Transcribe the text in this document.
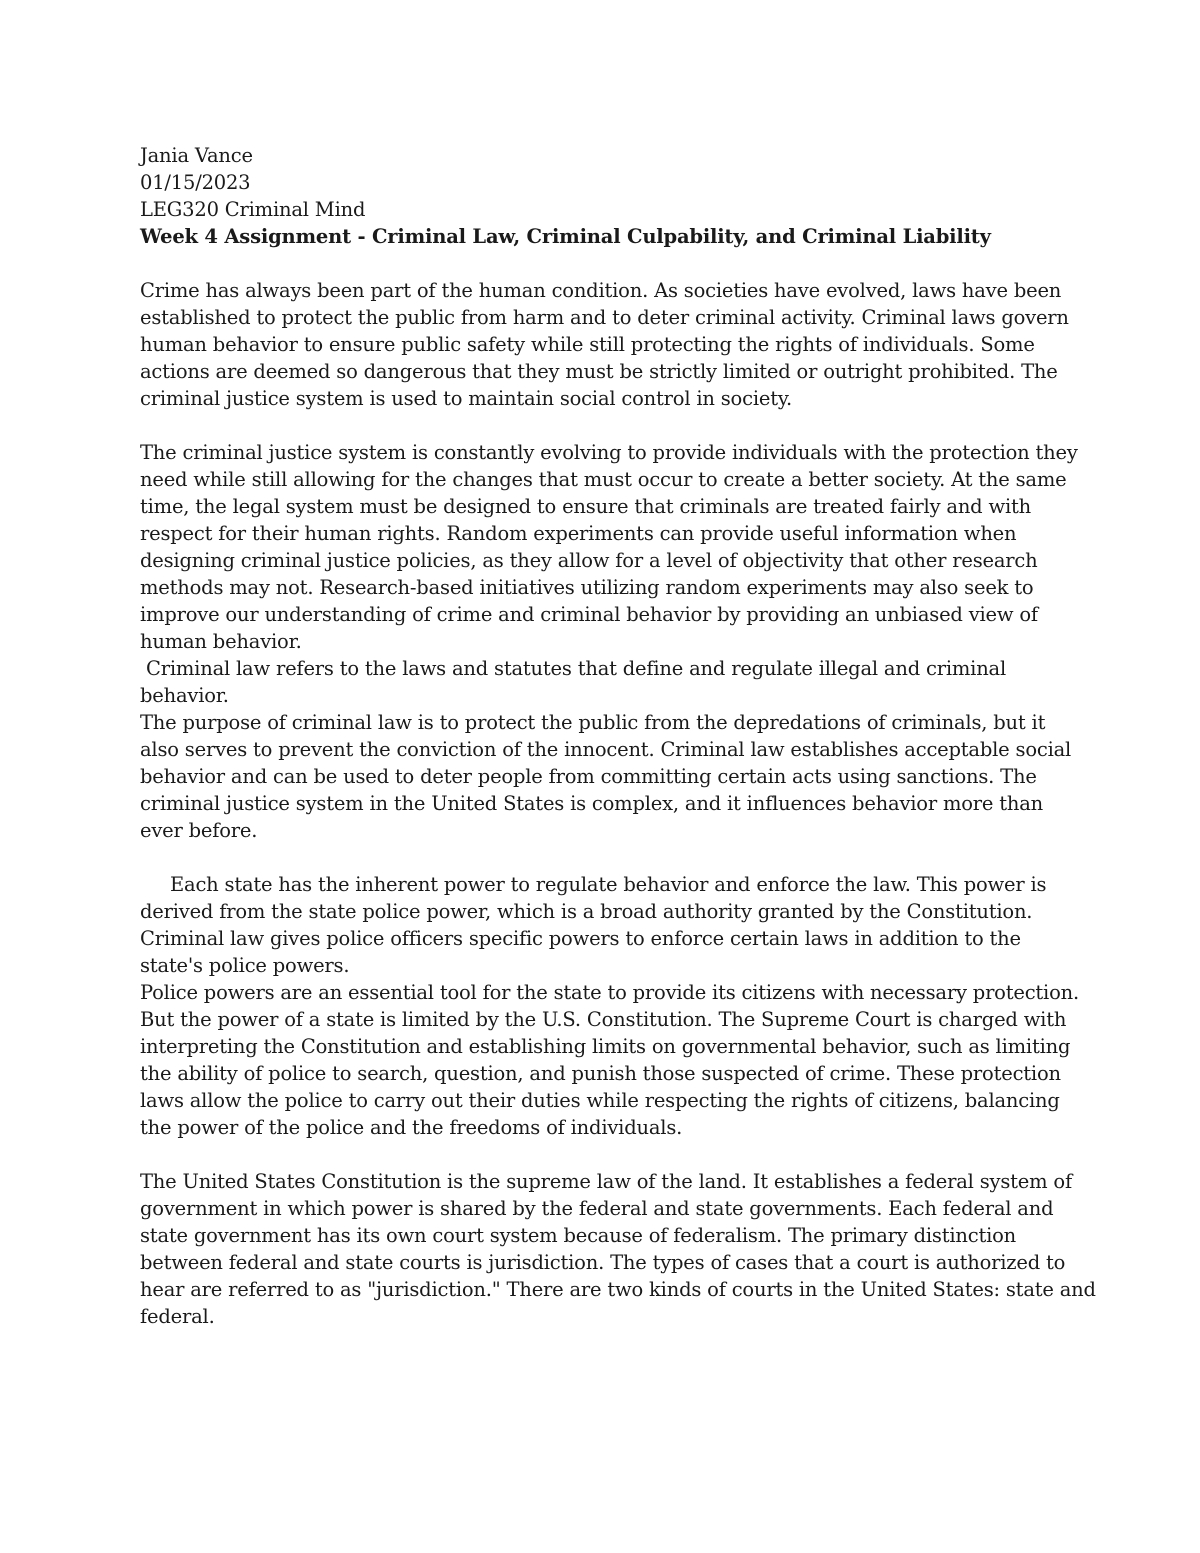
Jania Vance
01/15/2023
LEG320 Criminal Mind
Week 4 Assignment - Criminal Law, Criminal Culpability, and Criminal Liability
Crime has always been part of the human condition. As societies have evolved, laws have been
established to protect the public from harm and to deter criminal activity. Criminal laws govern
human behavior to ensure public safety while still protecting the rights of individuals. Some
actions are deemed so dangerous that they must be strictly limited or outright prohibited. The
criminal justice system is used to maintain social control in society.
The criminal justice system is constantly evolving to provide individuals with the protection they
need while still allowing for the changes that must occur to create a better society. At the same
time, the legal system must be designed to ensure that criminals are treated fairly and with
respect for their human rights. Random experiments can provide useful information when
designing criminal justice policies, as they allow for a level of objectivity that other research
methods may not. Research-based initiatives utilizing random experiments may also seek to
improve our understanding of crime and criminal behavior by providing an unbiased view of
human behavior.
Criminal law refers to the laws and statutes that define and regulate illegal and criminal
behavior.
The purpose of criminal law is to protect the public from the depredations of criminals, but it
also serves to prevent the conviction of the innocent. Criminal law establishes acceptable social
behavior and can be used to deter people from committing certain acts using sanctions. The
criminal justice system in the United States is complex, and it influences behavior more than
ever before.
Each state has the inherent power to regulate behavior and enforce the law. This power is
derived from the state police power, which is a broad authority granted by the Constitution.
Criminal law gives police officers specific powers to enforce certain laws in addition to the
state's police powers.
Police powers are an essential tool for the state to provide its citizens with necessary protection.
But the power of a state is limited by the U.S. Constitution. The Supreme Court is charged with
interpreting the Constitution and establishing limits on governmental behavior, such as limiting
the ability of police to search, question, and punish those suspected of crime. These protection
laws allow the police to carry out their duties while respecting the rights of citizens, balancing
the power of the police and the freedoms of individuals.
The United States Constitution is the supreme law of the land. It establishes a federal system of
government in which power is shared by the federal and state governments. Each federal and
state government has its own court system because of federalism. The primary distinction
between federal and state courts is jurisdiction. The types of cases that a court is authorized to
hear are referred to as "jurisdiction." There are two kinds of courts in the United States: state and
federal.
